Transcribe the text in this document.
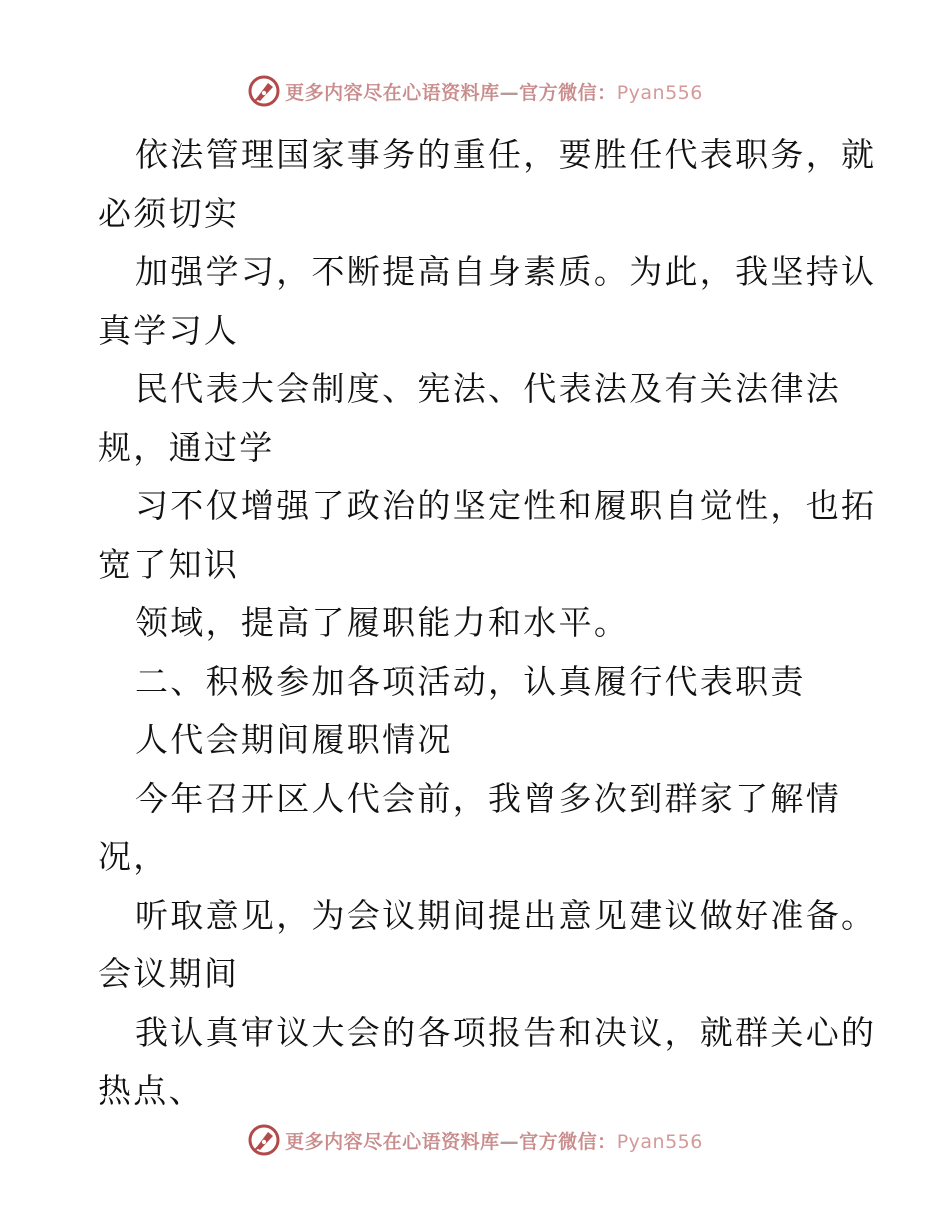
更多内容尽在心语资料库—官方微信：Pyan556
依法管理国家事务的重任，要胜任代表职务，就
必须切实
加强学习，不断提高自身素质。为此，我坚持认
真学习人
民代表大会制度、宪法、代表法及有关法律法
规，通过学
习不仅增强了政治的坚定性和履职自觉性，也拓
宽了知识
领域，提高了履职能力和水平。
二、积极参加各项活动，认真履行代表职责
人代会期间履职情况
今年召开区人代会前，我曾多次到群家了解情
况，
听取意见，为会议期间提出意见建议做好准备。
会议期间
我认真审议大会的各项报告和决议，就群关心的
热点、
更多内容尽在心语资料库—官方微信：Pyan556
